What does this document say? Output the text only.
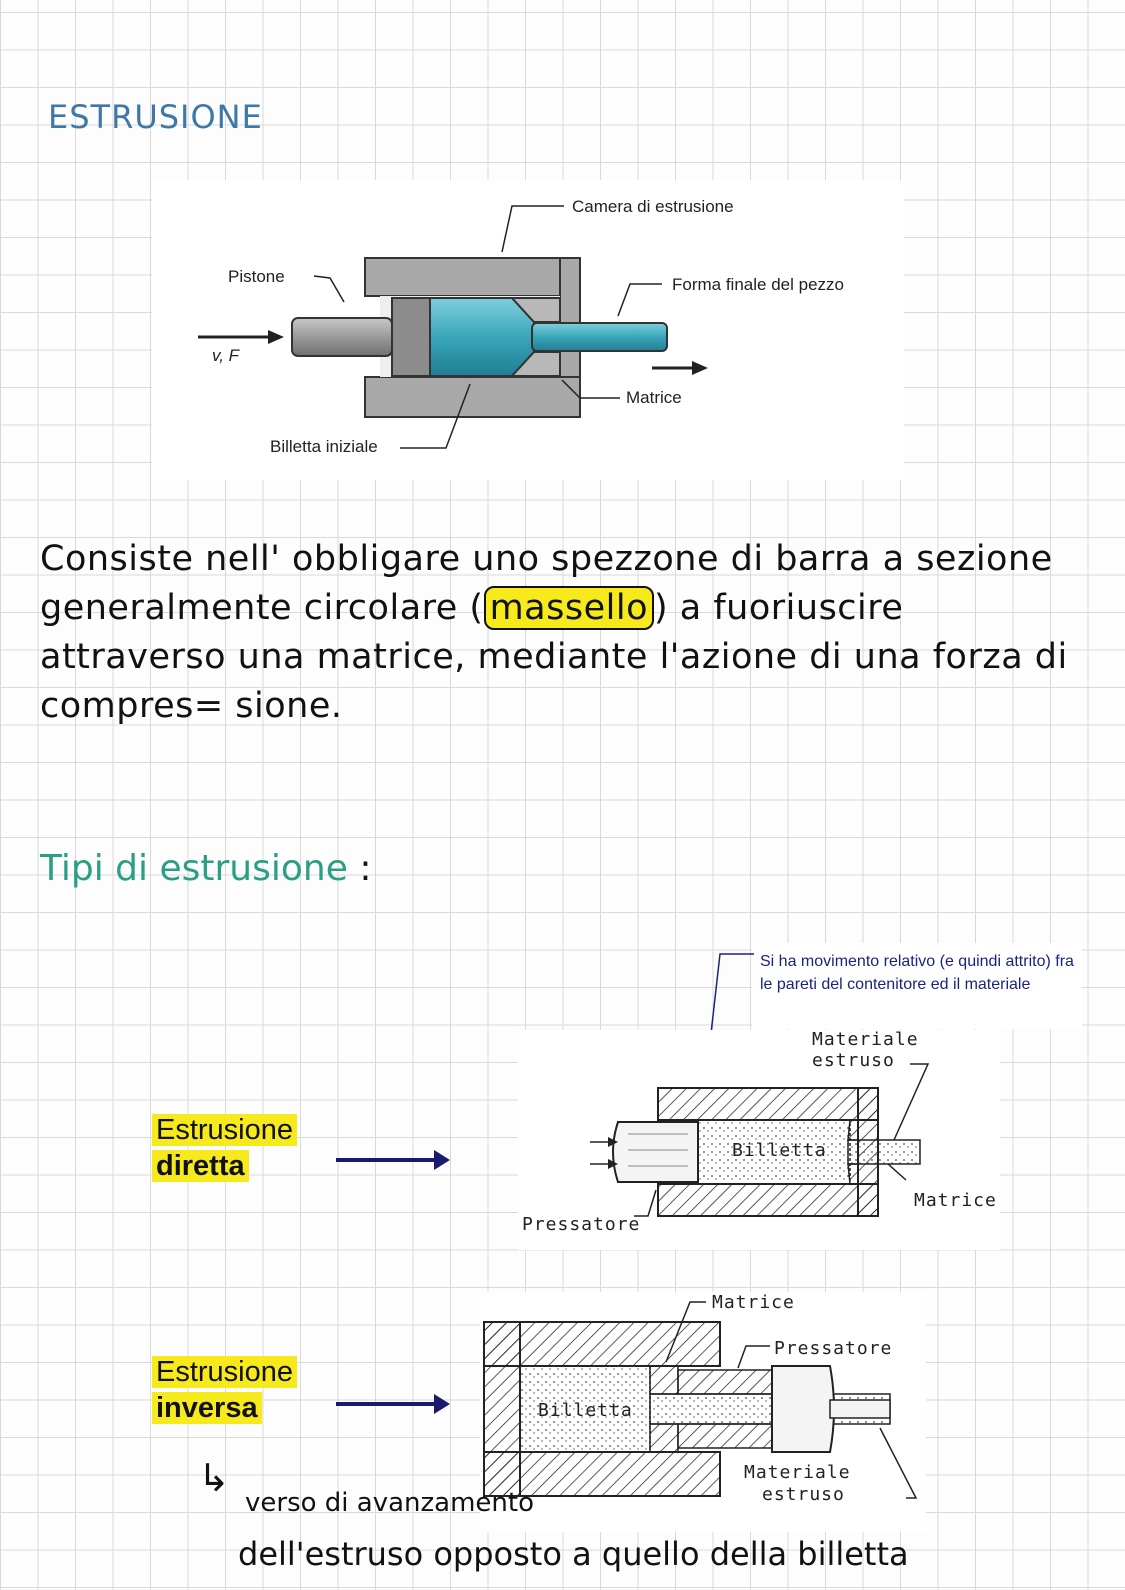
ESTRUSIONE
Camera di estrusione
Pistone	Forma finale del pezzo
v, F
Matrice
Billetta iniziale
Consiste nell' obbligare uno spezzone di barra a sezione generalmente circolare ( massello ) a fuoriuscire attraverso una matrice, mediante l'azione di una forza di compres= sione.
Tipi di estrusione :
Si ha movimento relativo (e quindi attrito) fra le pareti del contenitore ed il materiale
Estrusione
diretta
Materiale
estruso
Billetta
Matrice
Pressatore
Estrusione
inversa
Matrice
Pressatore
Billetta
Materiale
estruso
↳
verso di avanzamento
dell'estruso opposto a quello della billetta
